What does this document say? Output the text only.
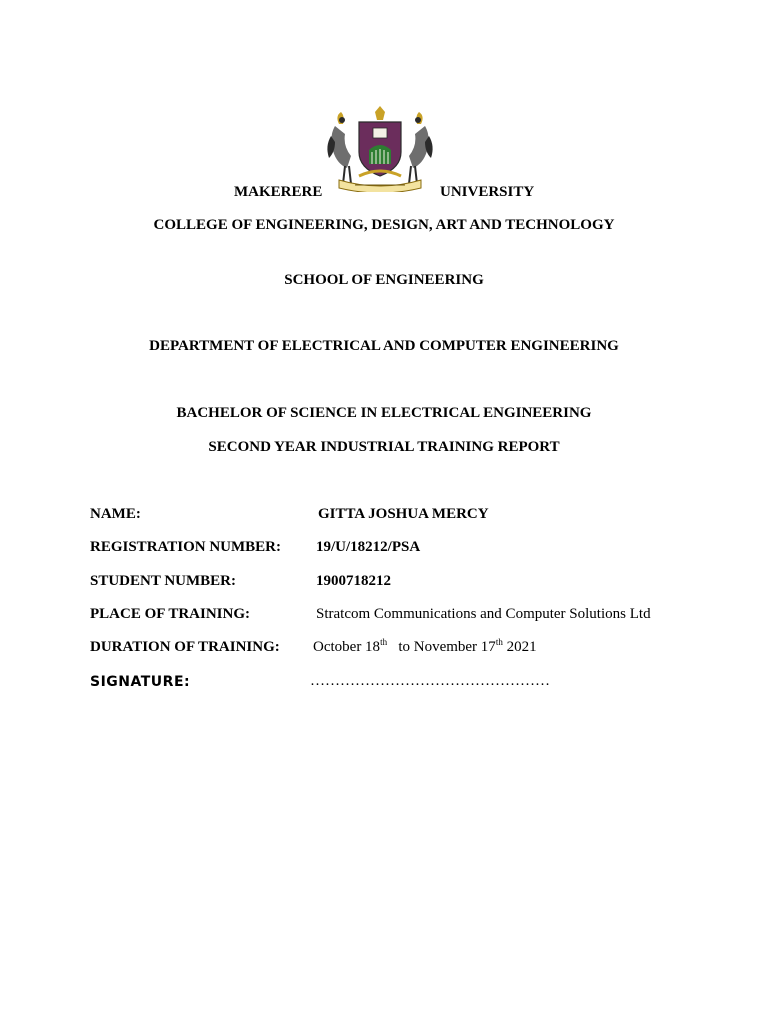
MAKERERE	UNIVERSITY
COLLEGE OF ENGINEERING, DESIGN, ART AND TECHNOLOGY
SCHOOL OF ENGINEERING
DEPARTMENT OF ELECTRICAL AND COMPUTER ENGINEERING
BACHELOR OF SCIENCE IN ELECTRICAL ENGINEERING
SECOND YEAR INDUSTRIAL TRAINING REPORT
NAME:	GITTA JOSHUA MERCY
REGISTRATION NUMBER: 19/U/18212/PSA
STUDENT NUMBER:	1900718212
PLACE OF TRAINING:	Stratcom Communications and Computer Solutions Ltd
DURATION OF TRAINING: October 18th to November 17th 2021
SIGNATURE:	…………………………………………
